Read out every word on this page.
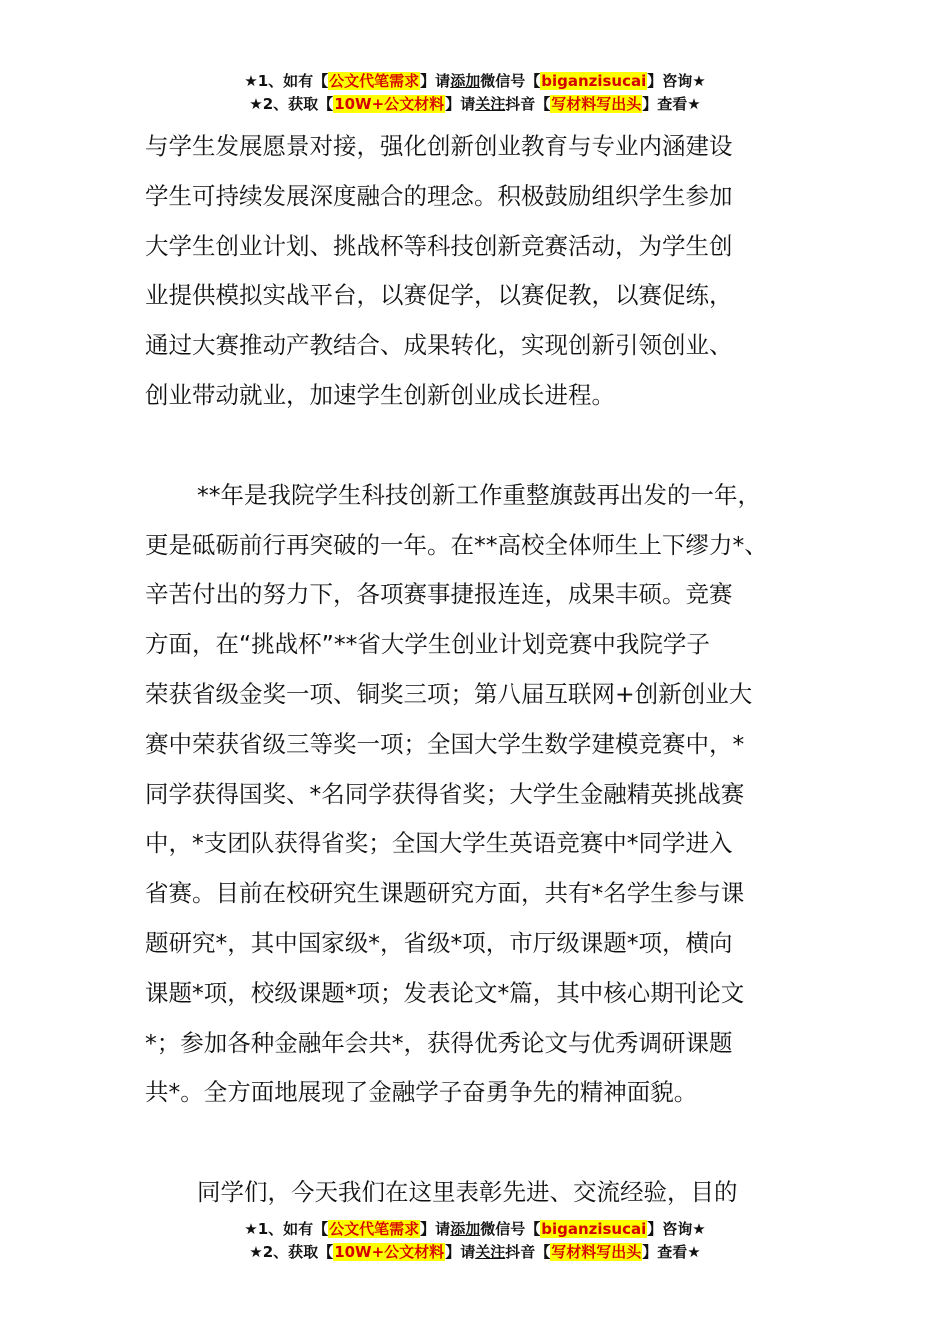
★1、如有【公文代笔需求】请添加微信号【biganzisucai】咨询★
★2、获取【10W+公文材料】请关注抖音【写材料写出头】查看★

与学生发展愿景对接，强化创新创业教育与专业内涵建设
学生可持续发展深度融合的理念。积极鼓励组织学生参加
大学生创业计划、挑战杯等科技创新竞赛活动，为学生创
业提供模拟实战平台，以赛促学，以赛促教，以赛促练，
通过大赛推动产教结合、成果转化，实现创新引领创业、
创业带动就业，加速学生创新创业成长进程。

**年是我院学生科技创新工作重整旗鼓再出发的一年，
更是砥砺前行再突破的一年。在**高校全体师生上下缪力*、
辛苦付出的努力下，各项赛事捷报连连，成果丰硕。竞赛
方面，在“挑战杯”**省大学生创业计划竞赛中我院学子
荣获省级金奖一项、铜奖三项；第八届互联网+创新创业大
赛中荣获省级三等奖一项；全国大学生数学建模竞赛中，*
同学获得国奖、*名同学获得省奖；大学生金融精英挑战赛
中，*支团队获得省奖；全国大学生英语竞赛中*同学进入
省赛。目前在校研究生课题研究方面，共有*名学生参与课
题研究*，其中国家级*，省级*项，市厅级课题*项，横向
课题*项，校级课题*项；发表论文*篇，其中核心期刊论文
*；参加各种金融年会共*，获得优秀论文与优秀调研课题
共*。全方面地展现了金融学子奋勇争先的精神面貌。

同学们，今天我们在这里表彰先进、交流经验，目的

★1、如有【公文代笔需求】请添加微信号【biganzisucai】咨询★
★2、获取【10W+公文材料】请关注抖音【写材料写出头】查看★
